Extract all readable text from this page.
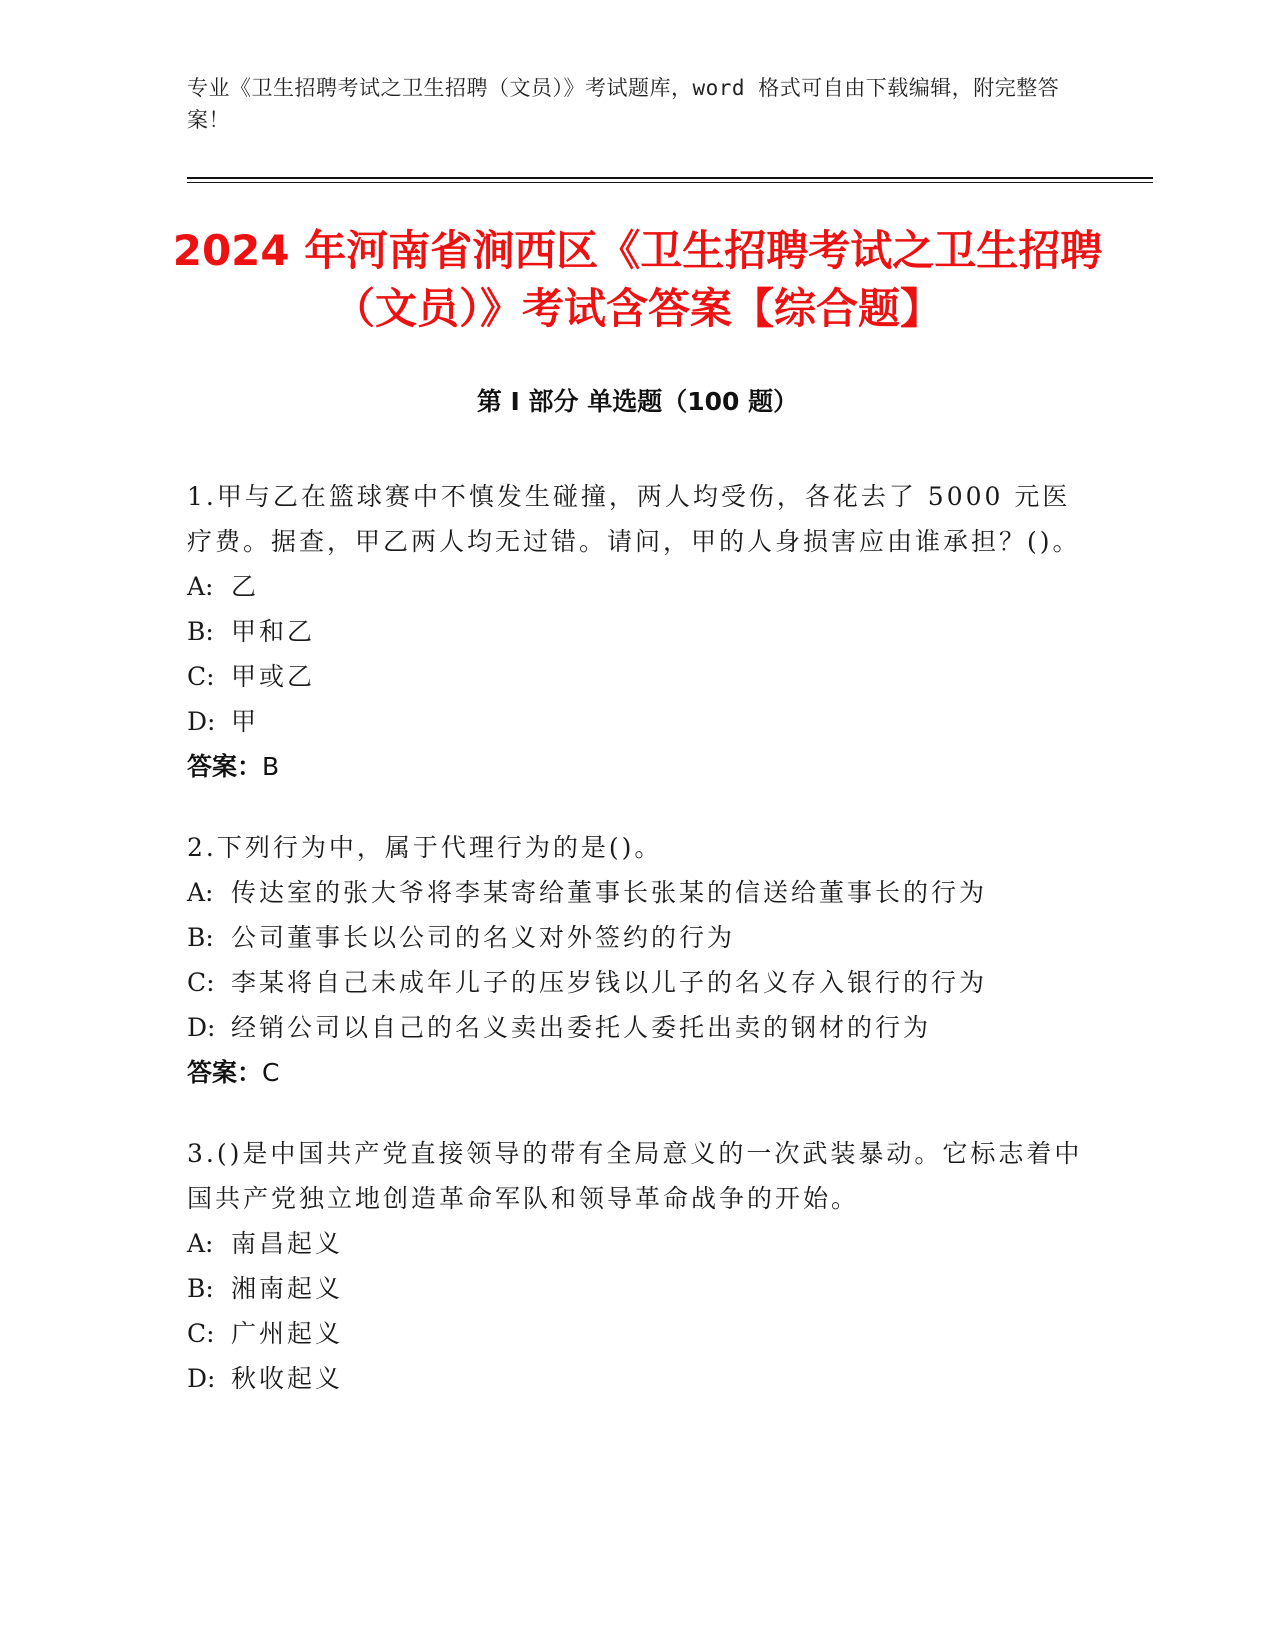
专业《卫生招聘考试之卫生招聘（文员）》考试题库，word 格式可自由下载编辑，附完整答案！
2024 年河南省涧西区《卫生招聘考试之卫生招聘（文员）》考试含答案【综合题】
第 I 部分 单选题（100 题）
1.甲与乙在篮球赛中不慎发生碰撞，两人均受伤，各花去了 5000 元医疗费。据查，甲乙两人均无过错。请问，甲的人身损害应由谁承担？()。
A: 乙
B: 甲和乙
C: 甲或乙
D: 甲
答案：B
2.下列行为中，属于代理行为的是()。
A: 传达室的张大爷将李某寄给董事长张某的信送给董事长的行为
B: 公司董事长以公司的名义对外签约的行为
C: 李某将自己未成年儿子的压岁钱以儿子的名义存入银行的行为
D: 经销公司以自己的名义卖出委托人委托出卖的钢材的行为
答案：C
3.()是中国共产党直接领导的带有全局意义的一次武装暴动。它标志着中国共产党独立地创造革命军队和领导革命战争的开始。
A: 南昌起义
B: 湘南起义
C: 广州起义
D: 秋收起义
